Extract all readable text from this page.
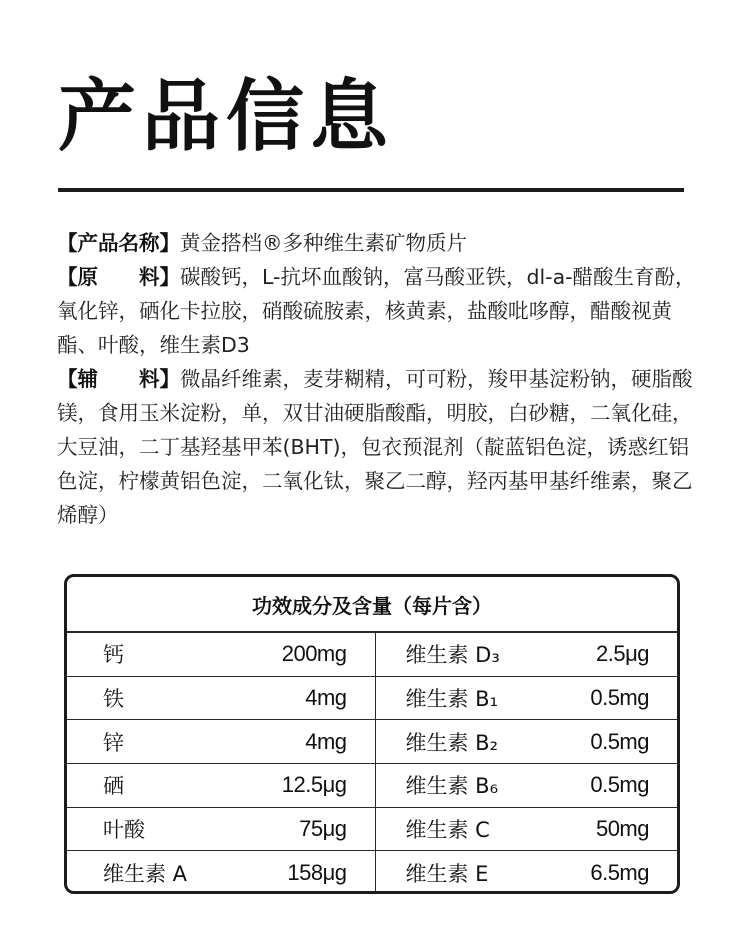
产品信息

【产品名称】黄金搭档®多种维生素矿物质片

【原　　料】碳酸钙，L-抗坏血酸钠，富马酸亚铁，dl-a-醋酸生育酚，氧化锌，硒化卡拉胶，硝酸硫胺素，核黄素，盐酸吡哆醇，醋酸视黄酯、叶酸，维生素D3

【辅　　料】微晶纤维素，麦芽糊精，可可粉，羧甲基淀粉钠，硬脂酸镁，食用玉米淀粉，单，双甘油硬脂酸酯，明胶，白砂糖，二氧化硅，大豆油，二丁基羟基甲苯(BHT)，包衣预混剂（靛蓝铝色淀，诱惑红铝色淀，柠檬黄铝色淀，二氧化钛，聚乙二醇，羟丙基甲基纤维素，聚乙烯醇）

功效成分及含量（每片含）
钙	200mg	维生素 D₃	2.5μg
铁	4mg	维生素 B₁	0.5mg
锌	4mg	维生素 B₂	0.5mg
硒	12.5μg	维生素 B₆	0.5mg
叶酸	75μg	维生素 C	50mg
维生素 A	158μg	维生素 E	6.5mg
